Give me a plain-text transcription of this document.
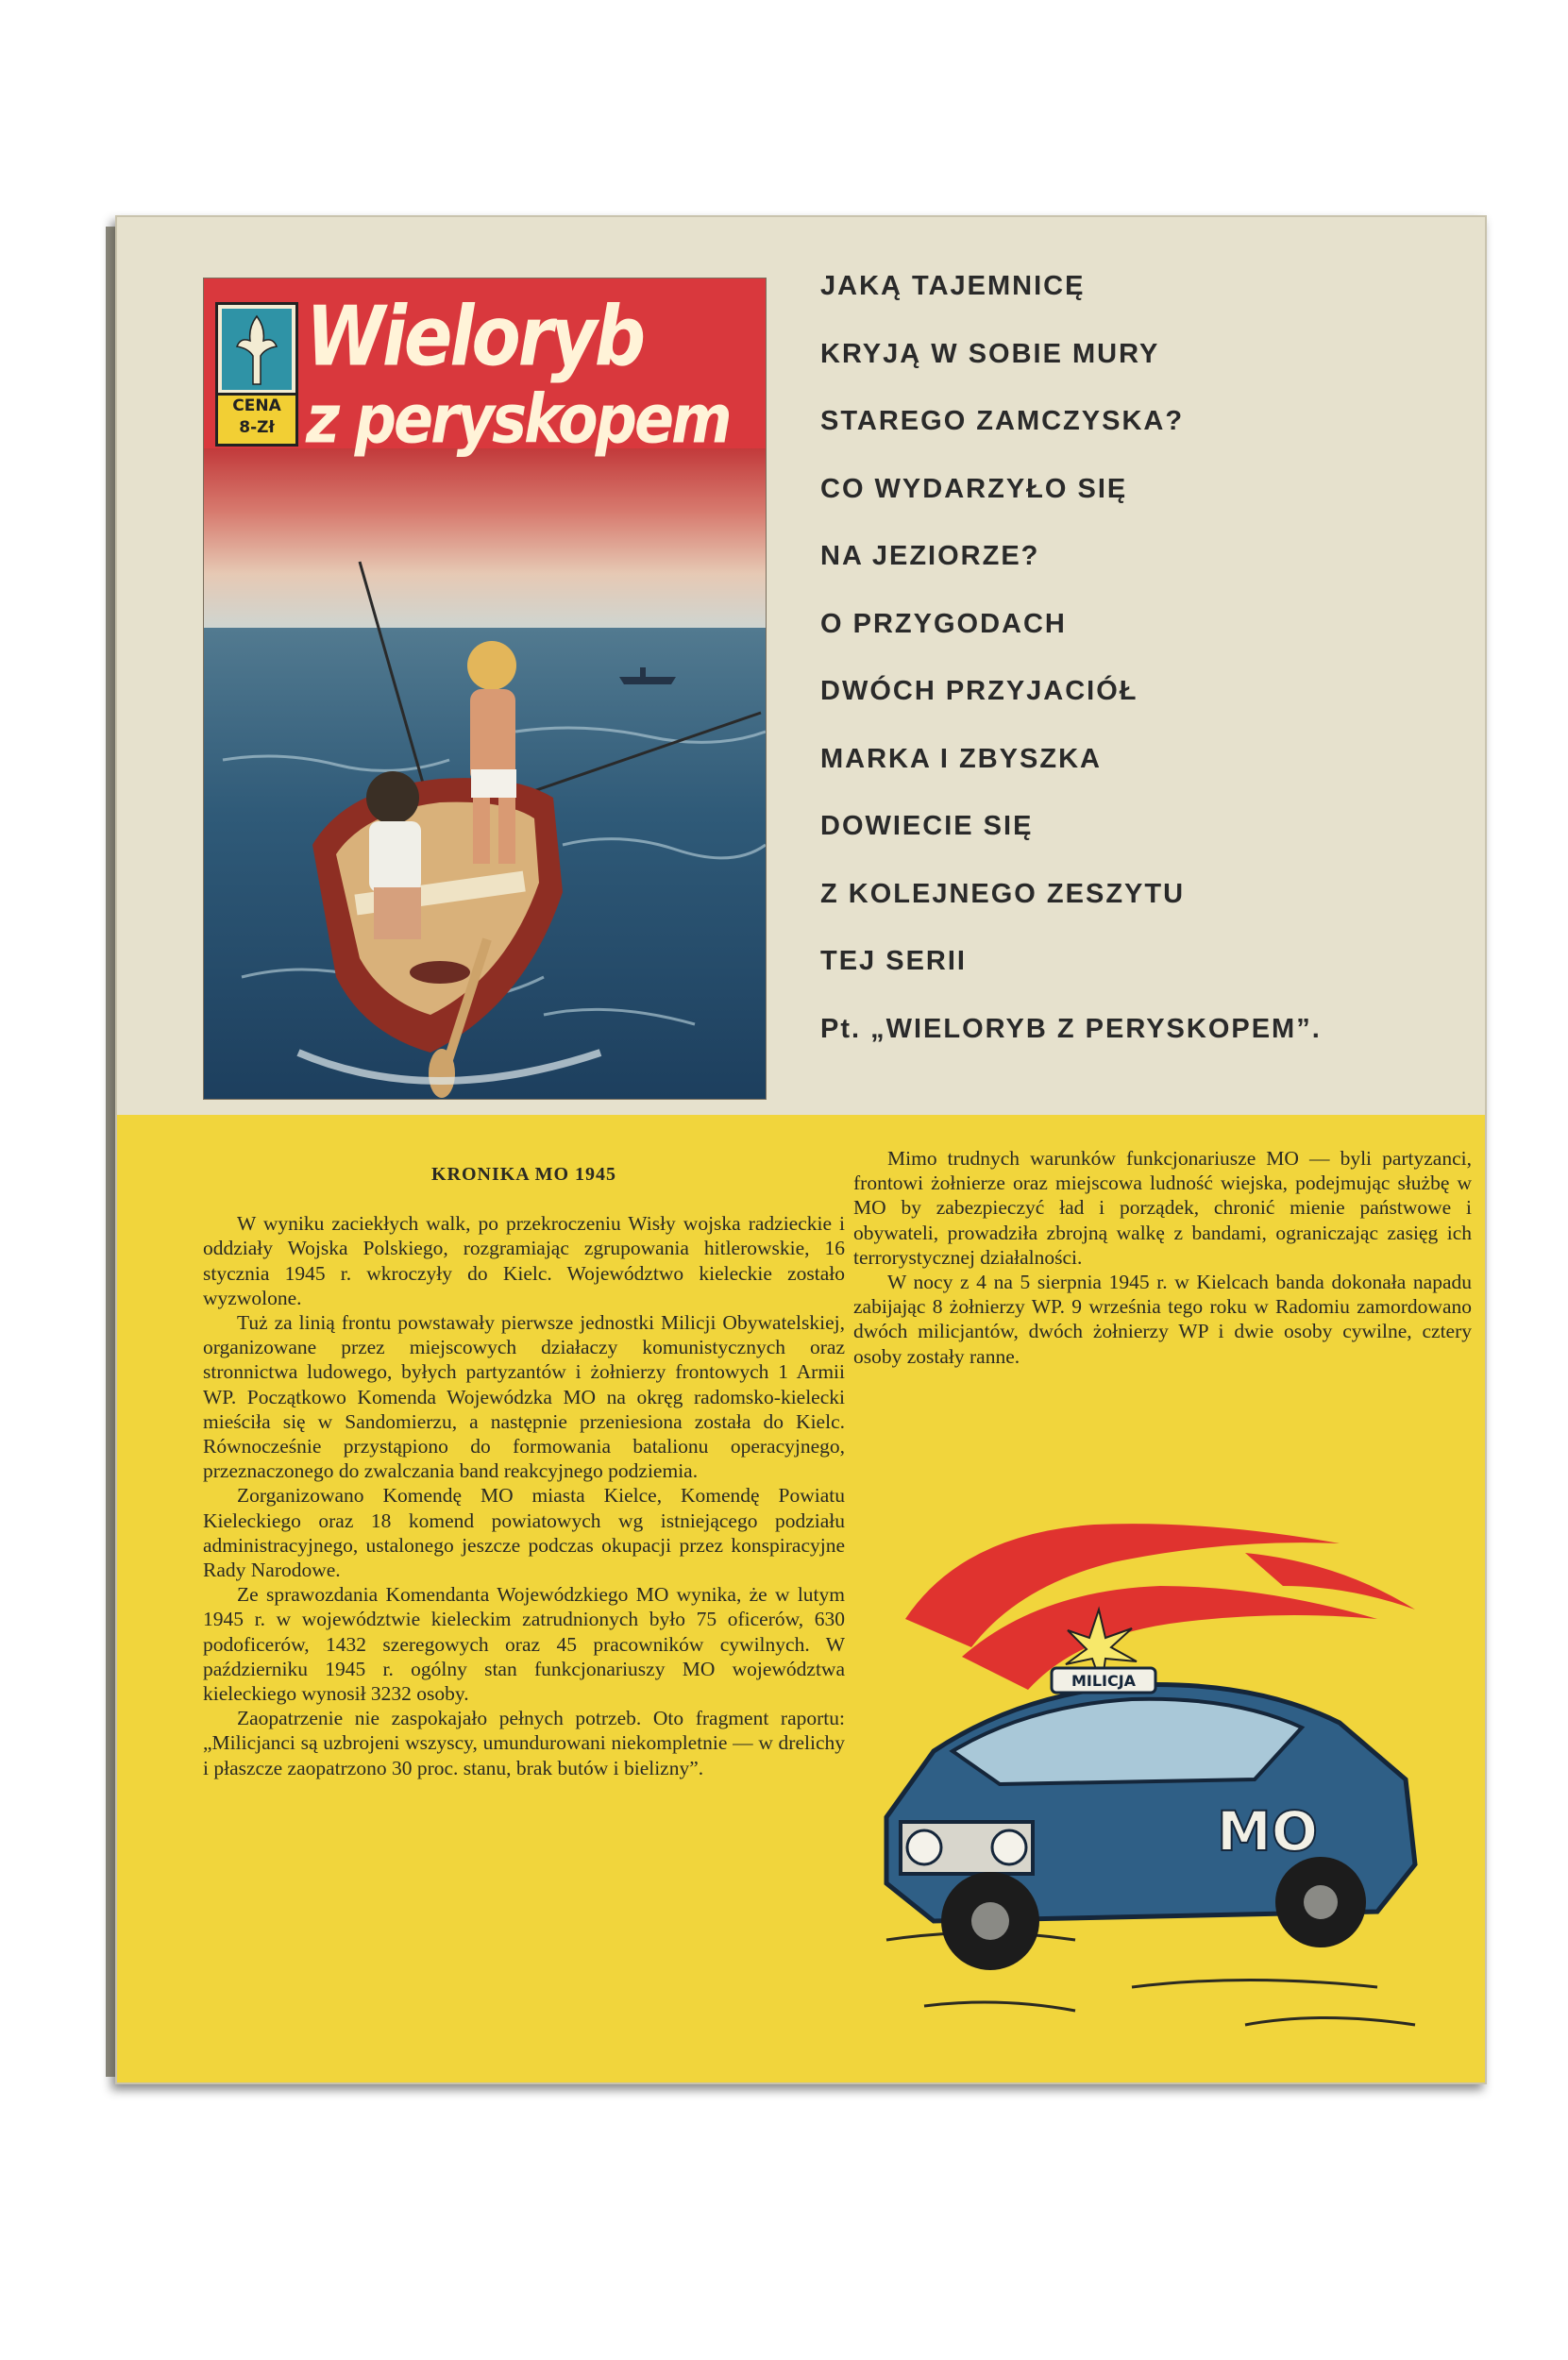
CENA
8-Zł
Wieloryb
z peryskopem
JAKĄ TAJEMNICĘ
KRYJĄ W SOBIE MURY
STAREGO ZAMCZYSKA?
CO WYDARZYŁO SIĘ
NA JEZIORZE?
O PRZYGODACH
DWÓCH PRZYJACIÓŁ
MARKA I ZBYSZKA
DOWIECIE SIĘ
Z KOLEJNEGO ZESZYTU
TEJ SERII
Pt. „WIELORYB Z PERYSKOPEM”.
KRONIKA MO 1945

W wyniku zaciekłych walk, po przekroczeniu Wisły wojska radzieckie i oddziały Wojska Polskiego, rozgramiając zgrupowania hitlerowskie, 16 stycznia 1945 r. wkroczyły do Kielc. Województwo kieleckie zostało wyzwolone.

Tuż za linią frontu powstawały pierwsze jednostki Milicji Obywatelskiej, organizowane przez miejscowych działaczy komunistycznych oraz stronnictwa ludowego, byłych partyzantów i żołnierzy frontowych 1 Armii WP. Początkowo Komenda Wojewódzka MO na okręg radomsko-kielecki mieściła się w Sandomierzu, a następnie przeniesiona została do Kielc. Równocześnie przystąpiono do formowania batalionu operacyjnego, przeznaczonego do zwalczania band reakcyjnego podziemia.

Zorganizowano Komendę MO miasta Kielce, Komendę Powiatu Kieleckiego oraz 18 komend powiatowych wg istniejącego podziału administracyjnego, ustalonego jeszcze podczas okupacji przez konspiracyjne Rady Narodowe.

Ze sprawozdania Komendanta Wojewódzkiego MO wynika, że w lutym 1945 r. w województwie kieleckim zatrudnionych było 75 oficerów, 630 podoficerów, 1432 szeregowych oraz 45 pracowników cywilnych. W październiku 1945 r. ogólny stan funkcjonariuszy MO województwa kieleckiego wynosił 3232 osoby.

Zaopatrzenie nie zaspokajało pełnych potrzeb. Oto fragment raportu: „Milicjanci są uzbrojeni wszyscy, umundurowani niekompletnie — w drelichy i płaszcze zaopatrzono 30 proc. stanu, brak butów i bielizny”.

Mimo trudnych warunków funkcjonariusze MO — byli partyzanci, frontowi żołnierze oraz miejscowa ludność wiejska, podejmując służbę w MO by zabezpieczyć ład i porządek, chronić mienie państwowe i obywateli, prowadziła zbrojną walkę z bandami, ograniczając zasięg ich terrorystycznej działalności.

W nocy z 4 na 5 sierpnia 1945 r. w Kielcach banda dokonała napadu zabijając 8 żołnierzy WP. 9 września tego roku w Radomiu zamordowano dwóch milicjantów, dwóch żołnierzy WP i dwie osoby cywilne, cztery osoby zostały ranne.

MILICJA
MO
